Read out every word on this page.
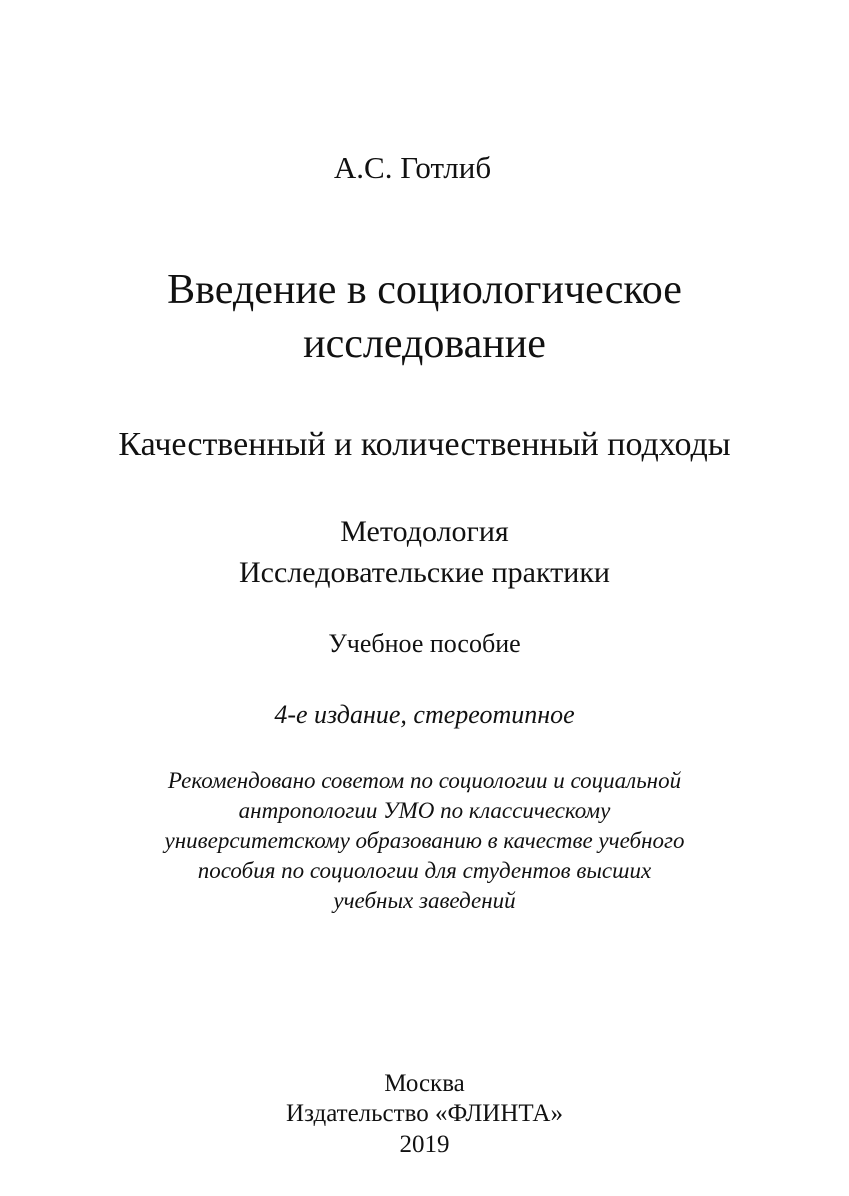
А.С. Готлиб
Введение в социологическое
исследование
Качественный и количественный подходы
Методология
Исследовательские практики
Учебное пособие
4-е издание, стереотипное
Рекомендовано советом по социологии и социальной
антропологии УМО по классическому
университетскому образованию в качестве учебного
пособия по социологии для студентов высших
учебных заведений
Москва
Издательство «ФЛИНТА»
2019
